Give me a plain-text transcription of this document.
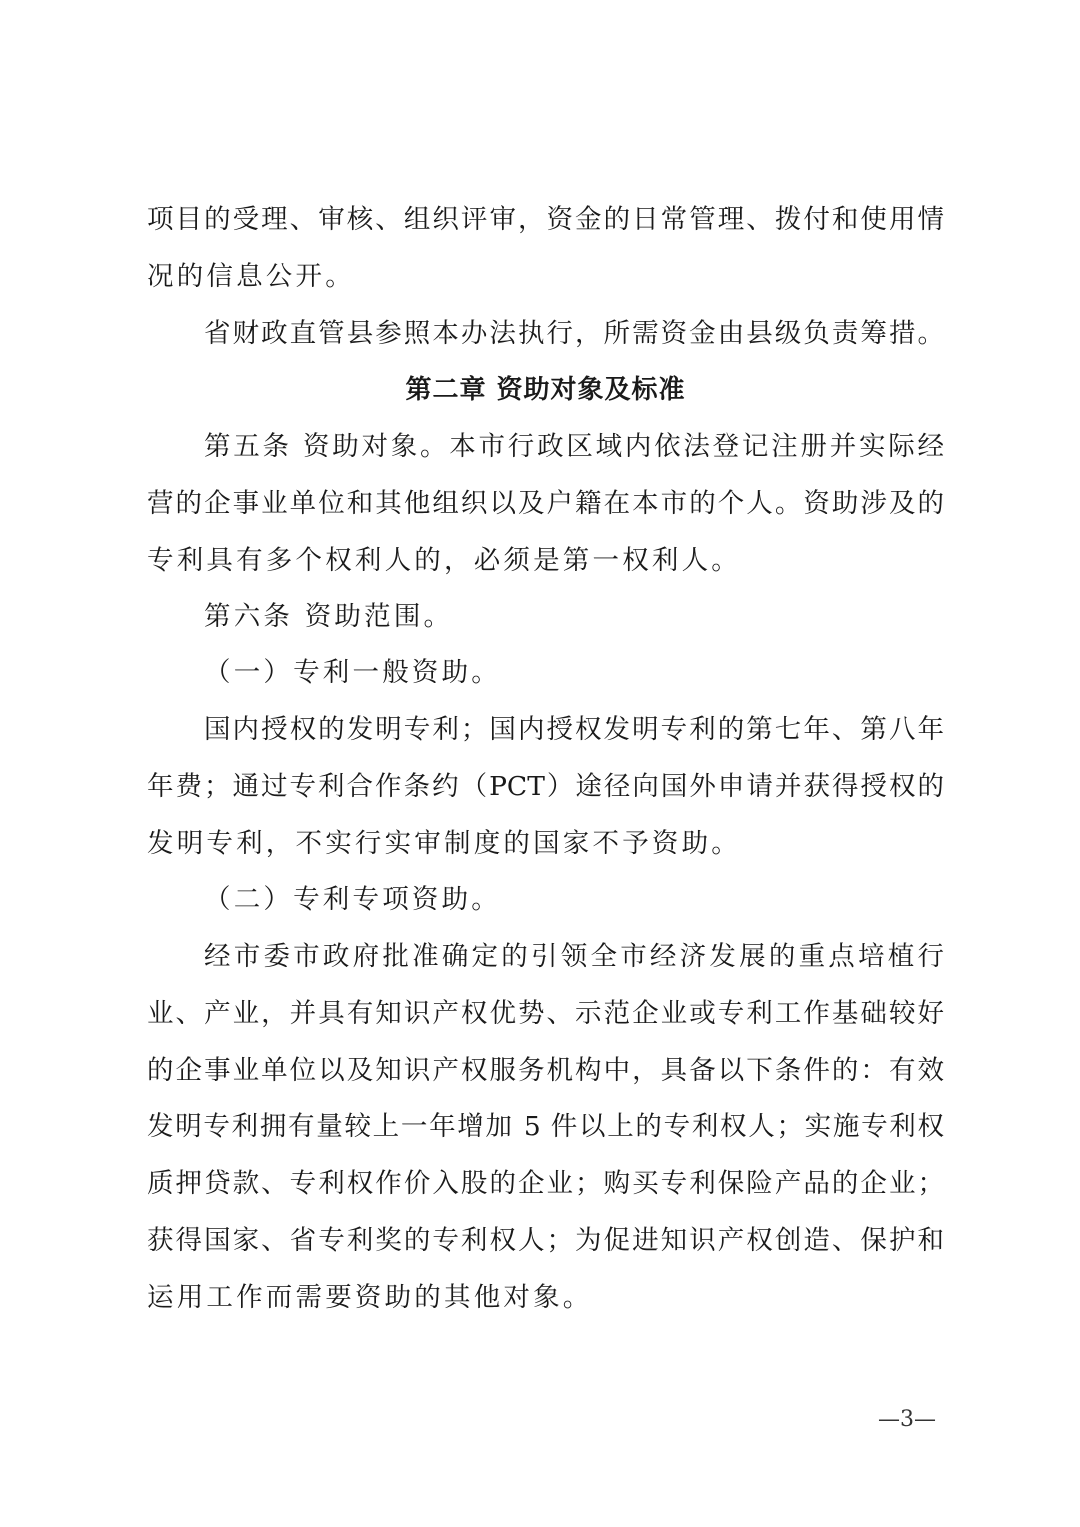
项目的受理、审核、组织评审，资金的日常管理、拨付和使用情
况的信息公开。
省财政直管县参照本办法执行，所需资金由县级负责筹措。
第二章 资助对象及标准
第五条 资助对象。本市行政区域内依法登记注册并实际经
营的企事业单位和其他组织以及户籍在本市的个人。资助涉及的
专利具有多个权利人的，必须是第一权利人。
第六条 资助范围。
（一）专利一般资助。
国内授权的发明专利；国内授权发明专利的第七年、第八年
年费；通过专利合作条约（PCT）途径向国外申请并获得授权的
发明专利，不实行实审制度的国家不予资助。
（二）专利专项资助。
经市委市政府批准确定的引领全市经济发展的重点培植行
业、产业，并具有知识产权优势、示范企业或专利工作基础较好
的企事业单位以及知识产权服务机构中，具备以下条件的：有效
发明专利拥有量较上一年增加 5 件以上的专利权人；实施专利权
质押贷款、专利权作价入股的企业；购买专利保险产品的企业；
获得国家、省专利奖的专利权人；为促进知识产权创造、保护和
运用工作而需要资助的其他对象。
—3—
